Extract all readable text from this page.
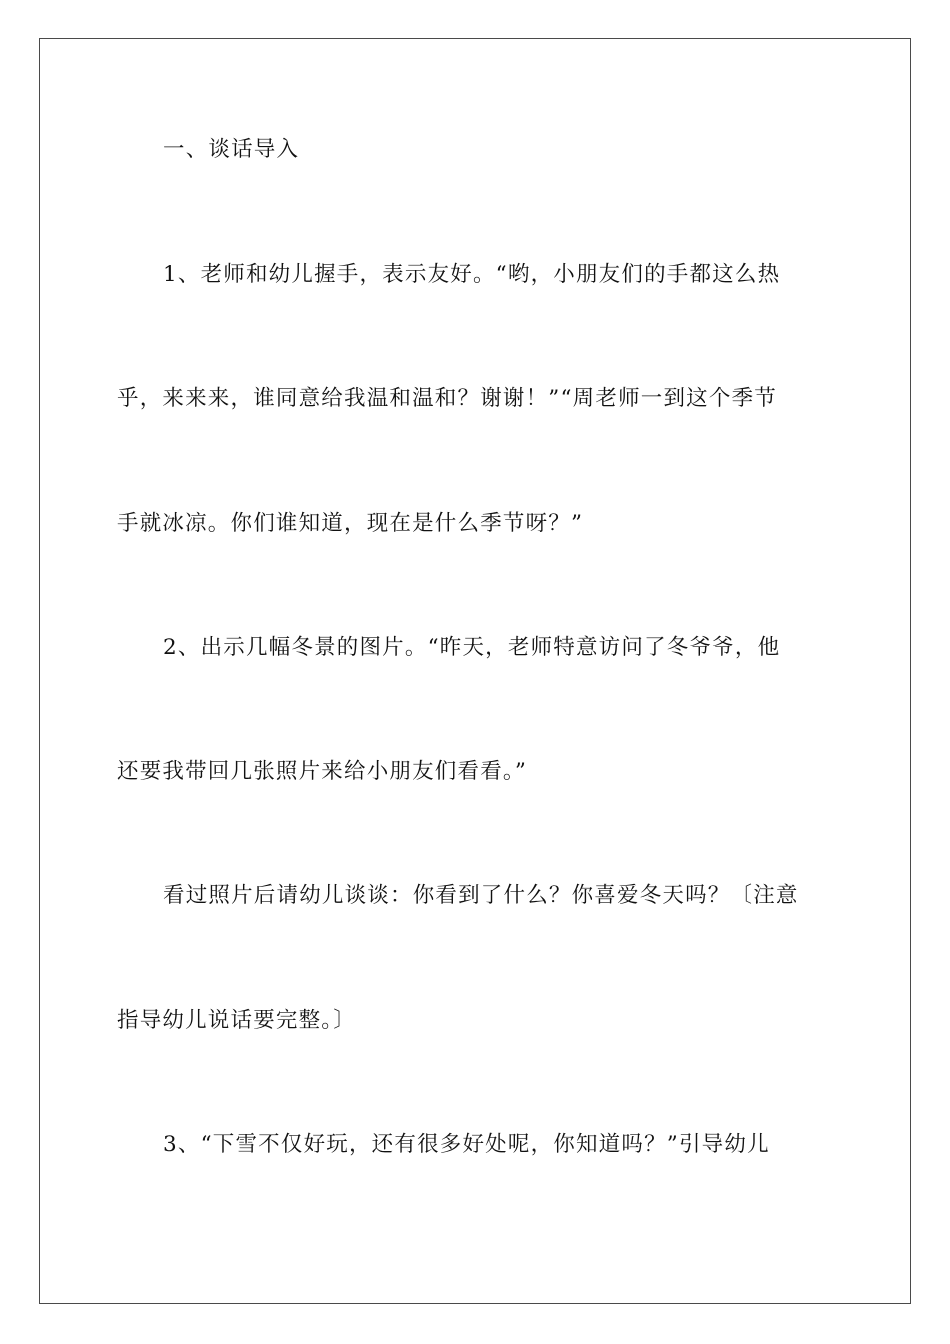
一、谈话导入
1、老师和幼儿握手，表示友好。“哟，小朋友们的手都这么热
乎，来来来，谁同意给我温和温和？谢谢！”“周老师一到这个季节
手就冰凉。你们谁知道，现在是什么季节呀？”
2、出示几幅冬景的图片。“昨天，老师特意访问了冬爷爷，他
还要我带回几张照片来给小朋友们看看。”
看过照片后请幼儿谈谈：你看到了什么？你喜爱冬天吗？〔注意
指导幼儿说话要完整。〕
3、“下雪不仅好玩，还有很多好处呢，你知道吗？”引导幼儿
